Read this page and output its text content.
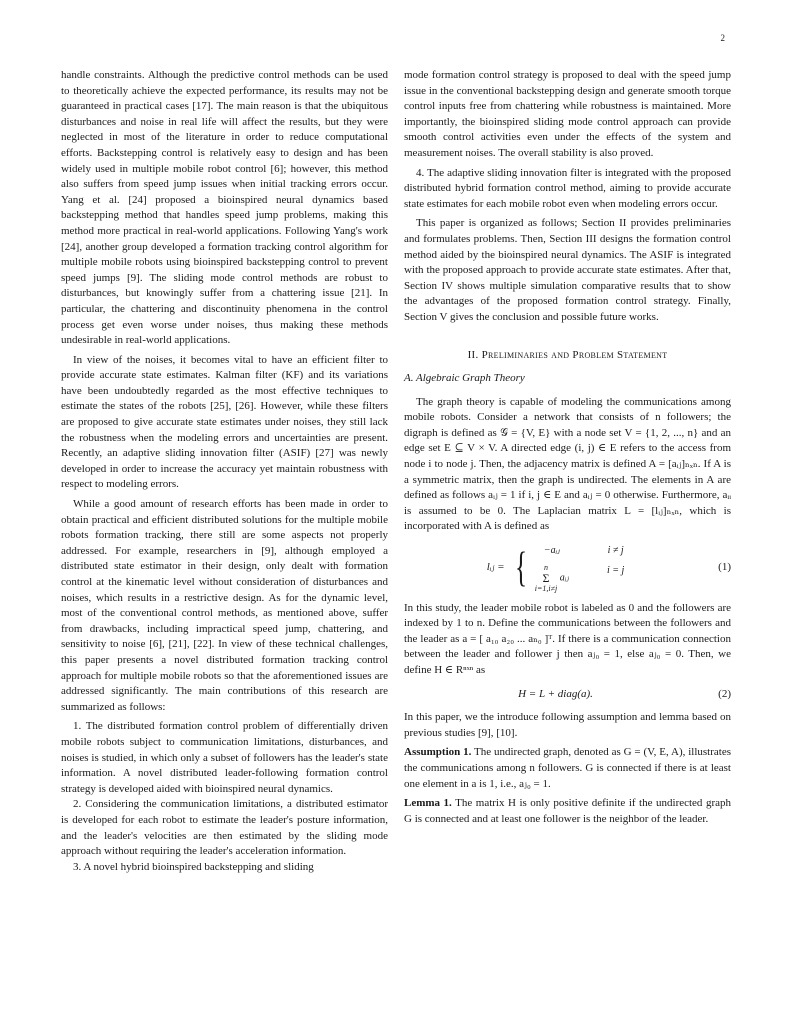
2

handle constraints. Although the predictive control methods can be used to theoretically achieve the expected performance, its results may not be guaranteed in practical cases [17]. The main reason is that the ubiquitous disturbances and noise in real life will affect the results, but they were neglected in most of the literature in order to reduce computational efforts. Backstepping control is relatively easy to design and has been widely used in multiple mobile robot control [6]; however, this method also suffers from speed jump issues when initial tracking errors occur. Yang et al. [24] proposed a bioinspired neural dynamics based backstepping method that handles speed jump problems, making this method more practical in real-world applications. Following Yang's work [24], another group developed a formation tracking control algorithm for multiple mobile robots using bioinspired backstepping control to prevent speed jumps [9]. The sliding mode control methods are robust to disturbances, but knowingly suffer from a chattering issue [21]. In particular, the chattering and discontinuity phenomena in the control process get even worse under noises, thus making these methods undesirable in real-world applications.

In view of the noises, it becomes vital to have an efficient filter to provide accurate state estimates. Kalman filter (KF) and its variations have been undoubtedly regarded as the most effective techniques to estimate the states of the robots [25], [26]. However, while these filters are proposed to give accurate state estimates under noises, they still lack the robustness when the modeling errors and uncertainties are present. Recently, an adaptive sliding innovation filter (ASIF) [27] was newly developed in order to increase the accuracy yet maintain robustness with respect to modeling errors.

While a good amount of research efforts has been made in order to obtain practical and efficient distributed solutions for the multiple mobile robots formation tracking, there still are some aspects not properly addressed. For example, researchers in [9], although employed a distributed state estimator in their design, only dealt with formation control at the kinematic level without consideration of disturbances and noises, which results in a restrictive design. As for the dynamic level, most of the conventional control methods, as mentioned above, suffer from drawbacks, including impractical speed jump, chattering, and sensitivity to noise [6], [21], [22]. In view of these technical challenges, this paper presents a novel distributed formation tracking control approach for multiple mobile robots so that the aforementioned issues are addressed significantly. The main contributions of this research are summarized as follows:

1. The distributed formation control problem of differentially driven mobile robots subject to communication limitations, disturbances, and noises is studied, in which only a subset of followers has the leader's state information. A novel distributed leader-following formation control strategy is developed aided with bioinspired neural dynamics.

2. Considering the communication limitations, a distributed estimator is developed for each robot to estimate the leader's posture information, and the leader's velocities are then estimated by the sliding mode approach without requiring the leader's acceleration information.

3. A novel hybrid bioinspired backstepping and sliding

mode formation control strategy is proposed to deal with the speed jump issue in the conventional backstepping design and generate smooth torque control inputs free from chattering while robustness is maintained. More importantly, the bioinspired sliding mode control approach can provide smooth control activities even under the effects of the system and measurement noises. The overall stability is also proved.

4. The adaptive sliding innovation filter is integrated with the proposed distributed hybrid formation control method, aiming to provide accurate state estimates for each mobile robot even when modeling errors occur.

This paper is organized as follows; Section II provides preliminaries and formulates problems. Then, Section III designs the formation control method aided by the bioinspired neural dynamics. The ASIF is integrated with the proposed approach to provide accurate state estimates. After that, Section IV shows multiple simulation comparative results that to show the advantages of the proposed formation control strategy. Finally, Section V gives the conclusion and possible future works.

II. Preliminaries and Problem Statement
A. Algebraic Graph Theory

The graph theory is capable of modeling the communications among mobile robots. Consider a network that consists of n followers; the digraph is defined as 𝒢 = {V, E} with a node set V = {1, 2, ..., n} and an edge set E ⊆ V × V. A directed edge (i, j) ∈ E refers to the access from node i to node j. Then, the adjacency matrix is defined A = [aᵢⱼ]ₙₓₙ. If A is a symmetric matrix, then the graph is undirected. The elements in A are defined as follows aᵢⱼ = 1 if i, j ∈ E and aᵢⱼ = 0 otherwise. Furthermore, aᵢᵢ is assumed to be 0. The Laplacian matrix L = [lᵢⱼ]ₙₓₙ, which is incorporated with A is defined as

lᵢⱼ = {	−aᵢⱼ	i ≠ j
n
Σ
i=1,i≠j
aᵢⱼ
i = j	(1)

In this study, the leader mobile robot is labeled as 0 and the followers are indexed by 1 to n. Define the communications between the followers and the leader as a = [ a₁₀ a₂₀ ... aₙ₀ ]ᵀ. If there is a communication connection between the leader and follower j then aⱼ₀ = 1, else aⱼ₀ = 0. Then, we define H ∈ Rⁿˣⁿ as

H = L + diag(a).	(2)

In this paper, we the introduce following assumption and lemma based on previous studies [9], [10].

Assumption 1. The undirected graph, denoted as G = (V, E, A), illustrates the communications among n followers. G is connected if there is at least one element in a is 1, i.e., aⱼ₀ = 1.

Lemma 1. The matrix H is only positive definite if the undirected graph G is connected and at least one follower is the neighbor of the leader.
